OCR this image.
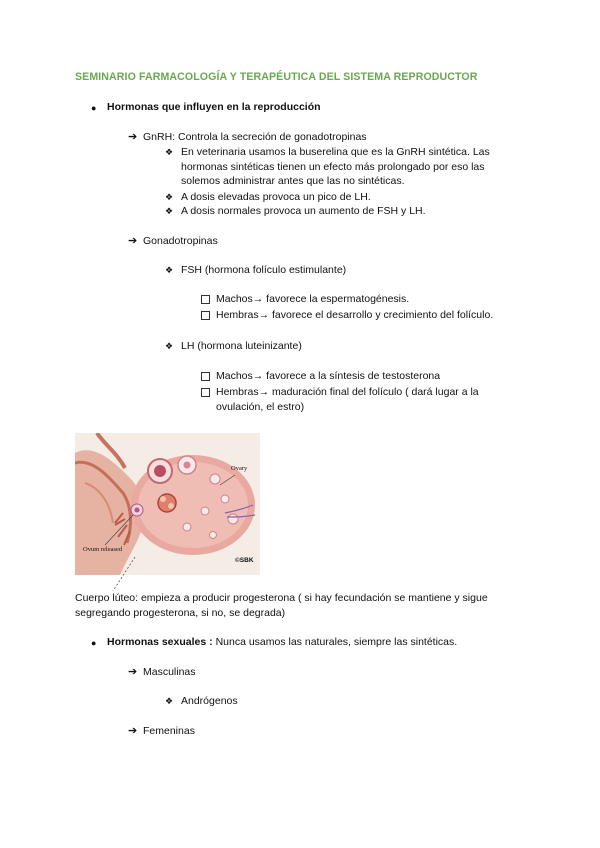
SEMINARIO FARMACOLOGÍA Y TERAPÉUTICA DEL SISTEMA REPRODUCTOR
● Hormonas que influyen en la reproducción
➔ GnRH: Controla la secreción de gonadotropinas
❖ En veterinaria usamos la buserelina que es la GnRH sintética. Las hormonas sintéticas tienen un efecto más prolongado por eso las solemos administrar antes que las no sintéticas.
❖ A dosis elevadas provoca un pico de LH.
❖ A dosis normales provoca un aumento de FSH y LH.
➔ Gonadotropinas
❖ FSH (hormona folículo estimulante)
Machos→ favorece la espermatogénesis.
Hembras→ favorece el desarrollo y crecimiento del folículo.
❖ LH (hormona luteinizante)
Machos→ favorece a la síntesis de testosterona
Hembras→ maduración final del folículo ( dará lugar a la ovulación, el estro)
Ovary
Ovum released
©SBK
Cuerpo lúteo: empieza a producir progesterona ( si hay fecundación se mantiene y sigue segregando progesterona, si no, se degrada)
● Hormonas sexuales : Nunca usamos las naturales, siempre las sintéticas.
➔ Masculinas
❖ Andrógenos
➔ Femeninas
